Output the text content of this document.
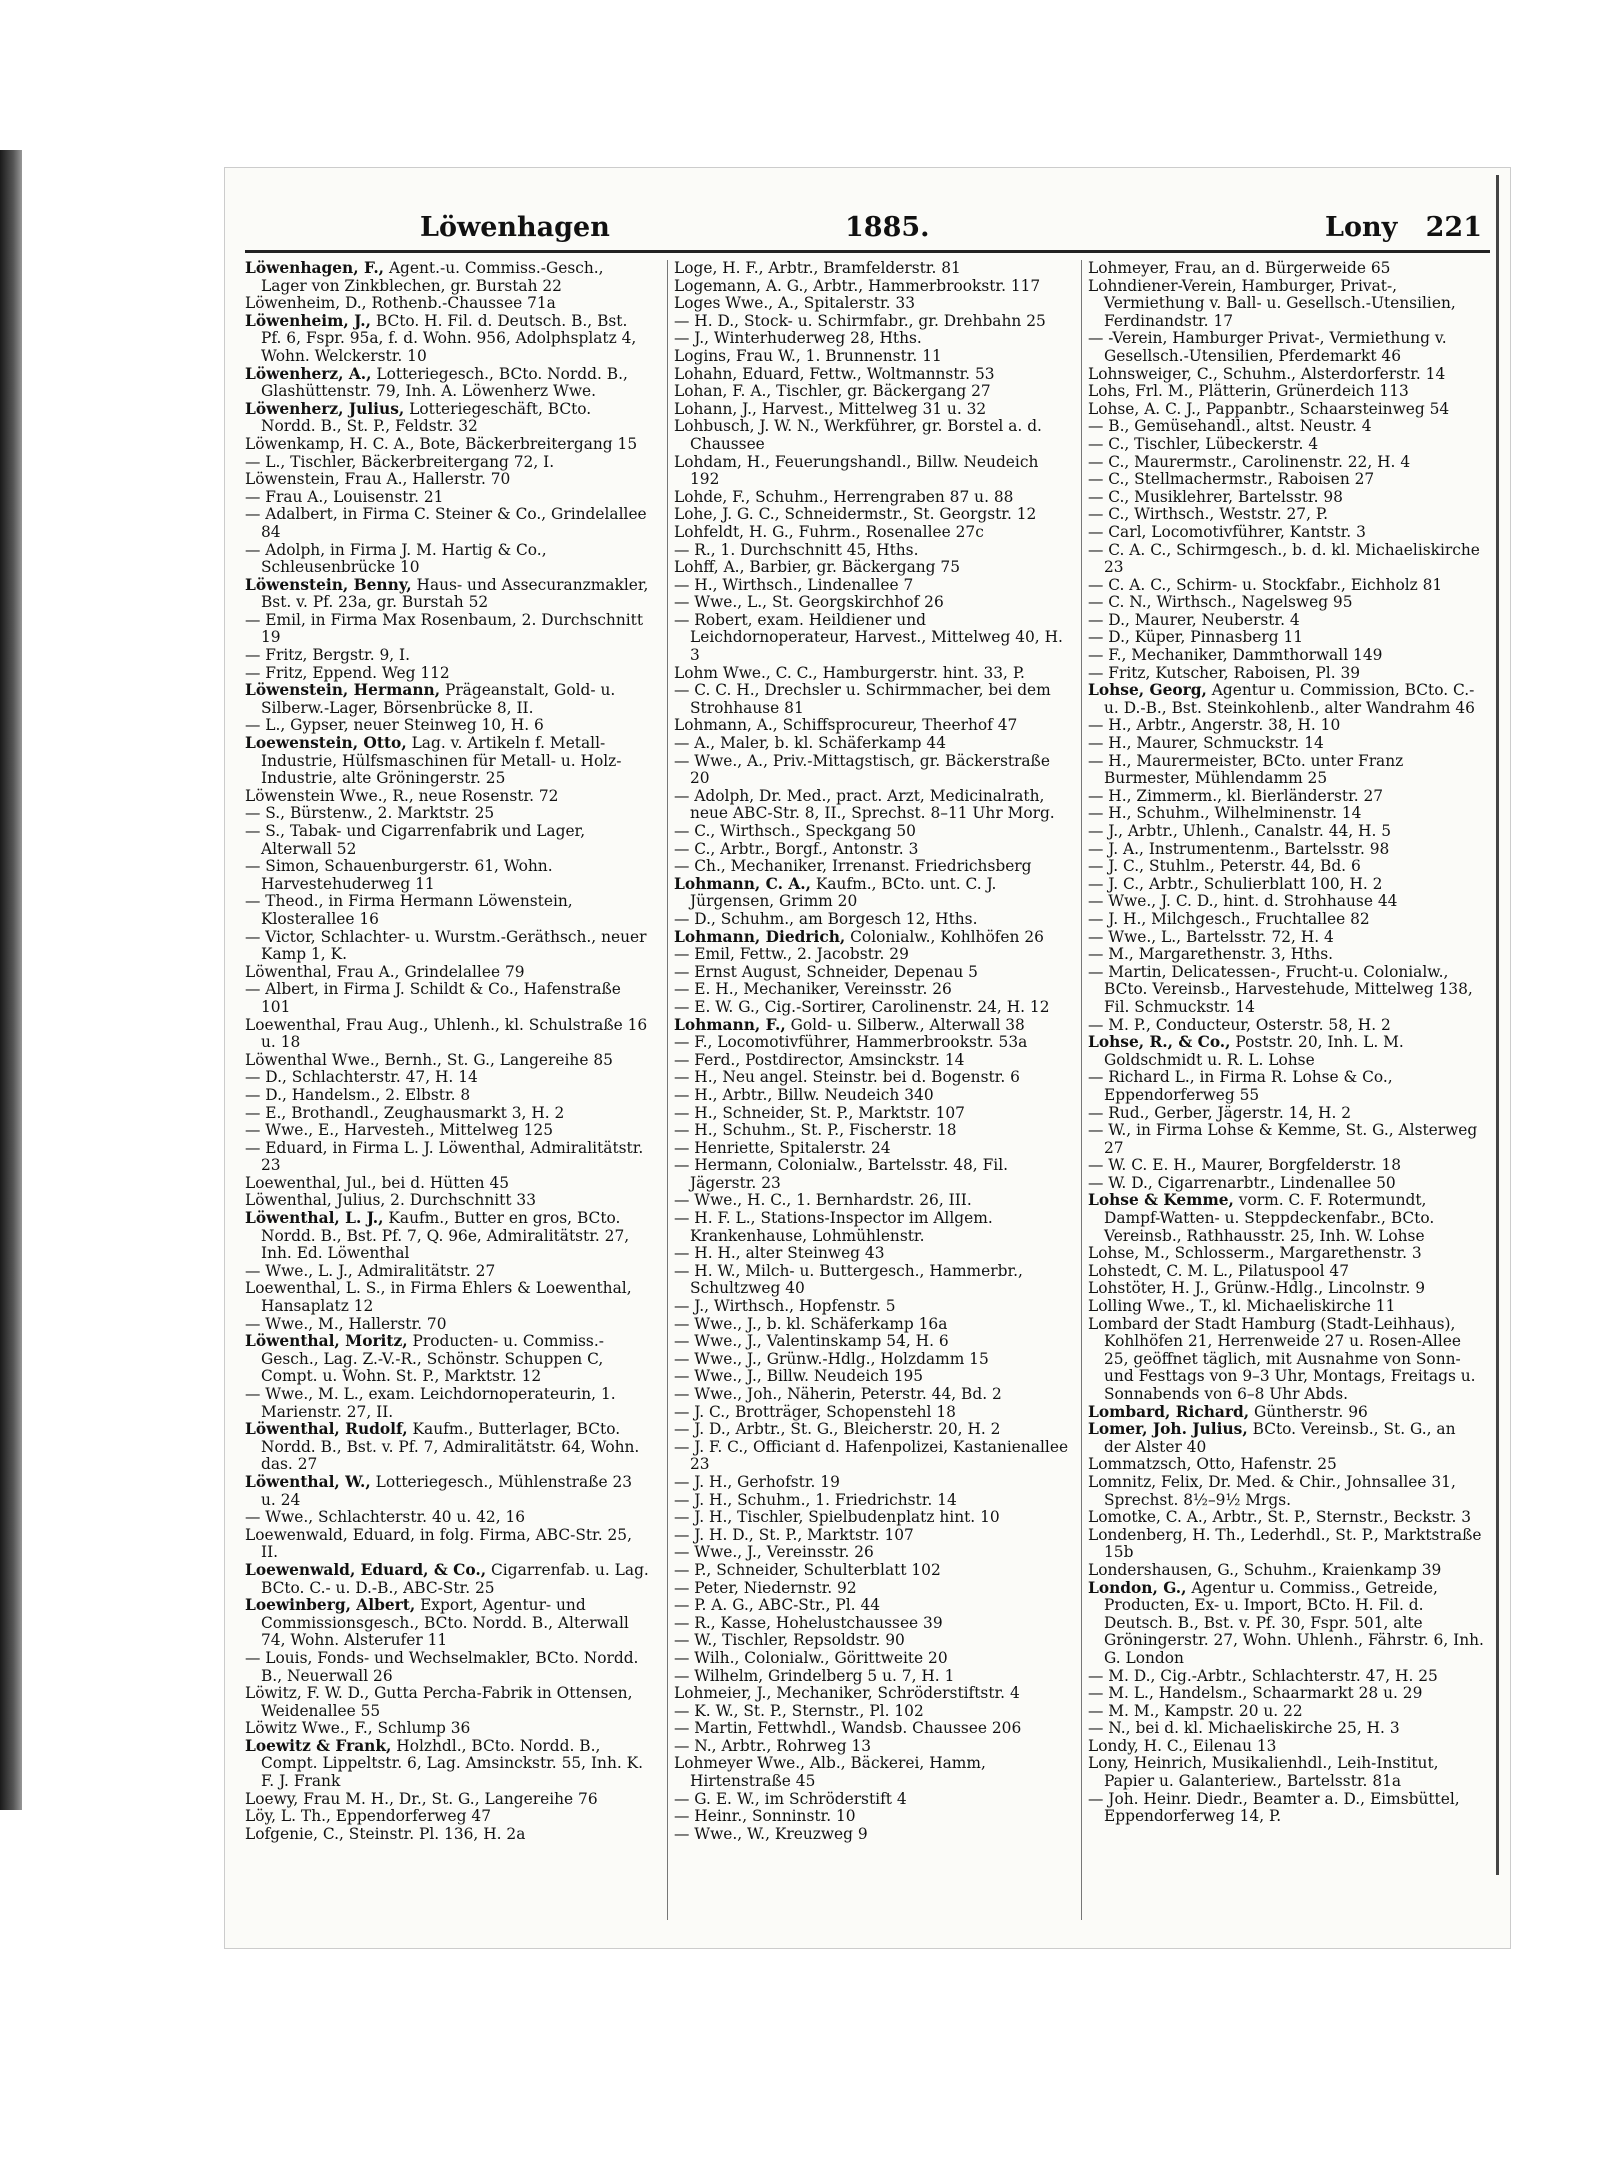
Löwenhagen	1885.	Lony 221

Löwenhagen, F., Agent.-u. Commiss.-Gesch., Lager von Zinkblechen, gr. Burstah 22

Löwenheim, D., Rothenb.-Chaussee 71a

Löwenheim, J., BCto. H. Fil. d. Deutsch. B., Bst. Pf. 6, Fspr. 95a, f. d. Wohn. 956, Adolphsplatz 4, Wohn. Welckerstr. 10

Löwenherz, A., Lotteriegesch., BCto. Nordd. B., Glashüttenstr. 79, Inh. A. Löwenherz Wwe.

Löwenherz, Julius, Lotteriegeschäft, BCto. Nordd. B., St. P., Feldstr. 32

Löwenkamp, H. C. A., Bote, Bäckerbreitergang 15

— L., Tischler, Bäckerbreitergang 72, I.

Löwenstein, Frau A., Hallerstr. 70

— Frau A., Louisenstr. 21

— Adalbert, in Firma C. Steiner & Co., Grindelallee 84

— Adolph, in Firma J. M. Hartig & Co., Schleusenbrücke 10

Löwenstein, Benny, Haus- und Assecuranzmakler, Bst. v. Pf. 23a, gr. Burstah 52

— Emil, in Firma Max Rosenbaum, 2. Durchschnitt 19

— Fritz, Bergstr. 9, I.

— Fritz, Eppend. Weg 112

Löwenstein, Hermann, Prägeanstalt, Gold- u. Silberw.-Lager, Börsenbrücke 8, II.

— L., Gypser, neuer Steinweg 10, H. 6

Loewenstein, Otto, Lag. v. Artikeln f. Metall-Industrie, Hülfsmaschinen für Metall- u. Holz-Industrie, alte Gröningerstr. 25

Löwenstein Wwe., R., neue Rosenstr. 72

— S., Bürstenw., 2. Marktstr. 25

— S., Tabak- und Cigarrenfabrik und Lager, Alterwall 52

— Simon, Schauenburgerstr. 61, Wohn. Harvestehuderweg 11

— Theod., in Firma Hermann Löwenstein, Klosterallee 16

— Victor, Schlachter- u. Wurstm.-Geräthsch., neuer Kamp 1, K.

Löwenthal, Frau A., Grindelallee 79

— Albert, in Firma J. Schildt & Co., Hafenstraße 101

Loewenthal, Frau Aug., Uhlenh., kl. Schulstraße 16 u. 18

Löwenthal Wwe., Bernh., St. G., Langereihe 85

— D., Schlachterstr. 47, H. 14

— D., Handelsm., 2. Elbstr. 8

— E., Brothandl., Zeughausmarkt 3, H. 2

— Wwe., E., Harvesteh., Mittelweg 125

— Eduard, in Firma L. J. Löwenthal, Admiralitätstr. 23

Loewenthal, Jul., bei d. Hütten 45

Löwenthal, Julius, 2. Durchschnitt 33

Löwenthal, L. J., Kaufm., Butter en gros, BCto. Nordd. B., Bst. Pf. 7, Q. 96e, Admiralitätstr. 27, Inh. Ed. Löwenthal

— Wwe., L. J., Admiralitätstr. 27

Loewenthal, L. S., in Firma Ehlers & Loewenthal, Hansaplatz 12

— Wwe., M., Hallerstr. 70

Löwenthal, Moritz, Producten- u. Commiss.-Gesch., Lag. Z.-V.-R., Schönstr. Schuppen C, Compt. u. Wohn. St. P., Marktstr. 12

— Wwe., M. L., exam. Leichdornoperateurin, 1. Marienstr. 27, II.

Löwenthal, Rudolf, Kaufm., Butterlager, BCto. Nordd. B., Bst. v. Pf. 7, Admiralitätstr. 64, Wohn. das. 27

Löwenthal, W., Lotteriegesch., Mühlenstraße 23 u. 24

— Wwe., Schlachterstr. 40 u. 42, 16

Loewenwald, Eduard, in folg. Firma, ABC-Str. 25, II.

Loewenwald, Eduard, & Co., Cigarrenfab. u. Lag. BCto. C.- u. D.-B., ABC-Str. 25

Loewinberg, Albert, Export, Agentur- und Commissionsgesch., BCto. Nordd. B., Alterwall 74, Wohn. Alsterufer 11

— Louis, Fonds- und Wechselmakler, BCto. Nordd. B., Neuerwall 26

Löwitz, F. W. D., Gutta Percha-Fabrik in Ottensen, Weidenallee 55

Löwitz Wwe., F., Schlump 36

Loewitz & Frank, Holzhdl., BCto. Nordd. B., Compt. Lippeltstr. 6, Lag. Amsinckstr. 55, Inh. K. F. J. Frank

Loewy, Frau M. H., Dr., St. G., Langereihe 76

Löy, L. Th., Eppendorferweg 47

Lofgenie, C., Steinstr. Pl. 136, H. 2a

Loge, H. F., Arbtr., Bramfelderstr. 81

Logemann, A. G., Arbtr., Hammerbrookstr. 117

Loges Wwe., A., Spitalerstr. 33

— H. D., Stock- u. Schirmfabr., gr. Drehbahn 25

— J., Winterhuderweg 28, Hths.

Logins, Frau W., 1. Brunnenstr. 11

Lohahn, Eduard, Fettw., Woltmannstr. 53

Lohan, F. A., Tischler, gr. Bäckergang 27

Lohann, J., Harvest., Mittelweg 31 u. 32

Lohbusch, J. W. N., Werkführer, gr. Borstel a. d. Chaussee

Lohdam, H., Feuerungshandl., Billw. Neudeich 192

Lohde, F., Schuhm., Herrengraben 87 u. 88

Lohe, J. G. C., Schneidermstr., St. Georgstr. 12

Lohfeldt, H. G., Fuhrm., Rosenallee 27c

— R., 1. Durchschnitt 45, Hths.

Lohff, A., Barbier, gr. Bäckergang 75

— H., Wirthsch., Lindenallee 7

— Wwe., L., St. Georgskirchhof 26

— Robert, exam. Heildiener und Leichdornoperateur, Harvest., Mittelweg 40, H. 3

Lohm Wwe., C. C., Hamburgerstr. hint. 33, P.

— C. C. H., Drechsler u. Schirmmacher, bei dem Strohhause 81

Lohmann, A., Schiffsprocureur, Theerhof 47

— A., Maler, b. kl. Schäferkamp 44

— Wwe., A., Priv.-Mittagstisch, gr. Bäckerstraße 20

— Adolph, Dr. Med., pract. Arzt, Medicinalrath, neue ABC-Str. 8, II., Sprechst. 8–11 Uhr Morg.

— C., Wirthsch., Speckgang 50

— C., Arbtr., Borgf., Antonstr. 3

— Ch., Mechaniker, Irrenanst. Friedrichsberg

Lohmann, C. A., Kaufm., BCto. unt. C. J. Jürgensen, Grimm 20

— D., Schuhm., am Borgesch 12, Hths.

Lohmann, Diedrich, Colonialw., Kohlhöfen 26

— Emil, Fettw., 2. Jacobstr. 29

— Ernst August, Schneider, Depenau 5

— E. H., Mechaniker, Vereinsstr. 26

— E. W. G., Cig.-Sortirer, Carolinenstr. 24, H. 12

Lohmann, F., Gold- u. Silberw., Alterwall 38

— F., Locomotivführer, Hammerbrookstr. 53a

— Ferd., Postdirector, Amsinckstr. 14

— H., Neu angel. Steinstr. bei d. Bogenstr. 6

— H., Arbtr., Billw. Neudeich 340

— H., Schneider, St. P., Marktstr. 107

— H., Schuhm., St. P., Fischerstr. 18

— Henriette, Spitalerstr. 24

— Hermann, Colonialw., Bartelsstr. 48, Fil. Jägerstr. 23

— Wwe., H. C., 1. Bernhardstr. 26, III.

— H. F. L., Stations-Inspector im Allgem. Krankenhause, Lohmühlenstr.

— H. H., alter Steinweg 43

— H. W., Milch- u. Buttergesch., Hammerbr., Schultzweg 40

— J., Wirthsch., Hopfenstr. 5

— Wwe., J., b. kl. Schäferkamp 16a

— Wwe., J., Valentinskamp 54, H. 6

— Wwe., J., Grünw.-Hdlg., Holzdamm 15

— Wwe., J., Billw. Neudeich 195

— Wwe., Joh., Näherin, Peterstr. 44, Bd. 2

— J. C., Brotträger, Schopenstehl 18

— J. D., Arbtr., St. G., Bleicherstr. 20, H. 2

— J. F. C., Officiant d. Hafenpolizei, Kastanienallee 23

— J. H., Gerhofstr. 19

— J. H., Schuhm., 1. Friedrichstr. 14

— J. H., Tischler, Spielbudenplatz hint. 10

— J. H. D., St. P., Marktstr. 107

— Wwe., J., Vereinsstr. 26

— P., Schneider, Schulterblatt 102

— Peter, Niedernstr. 92

— P. A. G., ABC-Str., Pl. 44

— R., Kasse, Hohelustchaussee 39

— W., Tischler, Repsoldstr. 90

— Wilh., Colonialw., Görittweite 20

— Wilhelm, Grindelberg 5 u. 7, H. 1

Lohmeier, J., Mechaniker, Schröderstiftstr. 4

— K. W., St. P., Sternstr., Pl. 102

— Martin, Fettwhdl., Wandsb. Chaussee 206

— N., Arbtr., Rohrweg 13

Lohmeyer Wwe., Alb., Bäckerei, Hamm, Hirtenstraße 45

— G. E. W., im Schröderstift 4

— Heinr., Sonninstr. 10

— Wwe., W., Kreuzweg 9

Lohmeyer, Frau, an d. Bürgerweide 65

Lohndiener-Verein, Hamburger, Privat-, Vermiethung v. Ball- u. Gesellsch.-Utensilien, Ferdinandstr. 17

— -Verein, Hamburger Privat-, Vermiethung v. Gesellsch.-Utensilien, Pferdemarkt 46

Lohnsweiger, C., Schuhm., Alsterdorferstr. 14

Lohs, Frl. M., Plätterin, Grünerdeich 113

Lohse, A. C. J., Pappanbtr., Schaarsteinweg 54

— B., Gemüsehandl., altst. Neustr. 4

— C., Tischler, Lübeckerstr. 4

— C., Maurermstr., Carolinenstr. 22, H. 4

— C., Stellmachermstr., Raboisen 27

— C., Musiklehrer, Bartelsstr. 98

— C., Wirthsch., Weststr. 27, P.

— Carl, Locomotivführer, Kantstr. 3

— C. A. C., Schirmgesch., b. d. kl. Michaeliskirche 23

— C. A. C., Schirm- u. Stockfabr., Eichholz 81

— C. N., Wirthsch., Nagelsweg 95

— D., Maurer, Neuberstr. 4

— D., Küper, Pinnasberg 11

— F., Mechaniker, Dammthorwall 149

— Fritz, Kutscher, Raboisen, Pl. 39

Lohse, Georg, Agentur u. Commission, BCto. C.- u. D.-B., Bst. Steinkohlenb., alter Wandrahm 46

— H., Arbtr., Angerstr. 38, H. 10

— H., Maurer, Schmuckstr. 14

— H., Maurermeister, BCto. unter Franz Burmester, Mühlendamm 25

— H., Zimmerm., kl. Bierländerstr. 27

— H., Schuhm., Wilhelminenstr. 14

— J., Arbtr., Uhlenh., Canalstr. 44, H. 5

— J. A., Instrumentenm., Bartelsstr. 98

— J. C., Stuhlm., Peterstr. 44, Bd. 6

— J. C., Arbtr., Schulierblatt 100, H. 2

— Wwe., J. C. D., hint. d. Strohhause 44

— J. H., Milchgesch., Fruchtallee 82

— Wwe., L., Bartelsstr. 72, H. 4

— M., Margarethenstr. 3, Hths.

— Martin, Delicatessen-, Frucht-u. Colonialw., BCto. Vereinsb., Harvestehude, Mittelweg 138, Fil. Schmuckstr. 14

— M. P., Conducteur, Osterstr. 58, H. 2

Lohse, R., & Co., Poststr. 20, Inh. L. M. Goldschmidt u. R. L. Lohse

— Richard L., in Firma R. Lohse & Co., Eppendorferweg 55

— Rud., Gerber, Jägerstr. 14, H. 2

— W., in Firma Lohse & Kemme, St. G., Alsterweg 27

— W. C. E. H., Maurer, Borgfelderstr. 18

— W. D., Cigarrenarbtr., Lindenallee 50

Lohse & Kemme, vorm. C. F. Rotermundt, Dampf-Watten- u. Steppdeckenfabr., BCto. Vereinsb., Rathhausstr. 25, Inh. W. Lohse

Lohse, M., Schlosserm., Margarethenstr. 3

Lohstedt, C. M. L., Pilatuspool 47

Lohstöter, H. J., Grünw.-Hdlg., Lincolnstr. 9

Lolling Wwe., T., kl. Michaeliskirche 11

Lombard der Stadt Hamburg (Stadt-Leihhaus), Kohlhöfen 21, Herrenweide 27 u. Rosen-Allee 25, geöffnet täglich, mit Ausnahme von Sonn- und Festtags von 9–3 Uhr, Montags, Freitags u. Sonnabends von 6–8 Uhr Abds.

Lombard, Richard, Güntherstr. 96

Lomer, Joh. Julius, BCto. Vereinsb., St. G., an der Alster 40

Lommatzsch, Otto, Hafenstr. 25

Lomnitz, Felix, Dr. Med. & Chir., Johnsallee 31, Sprechst. 8½–9½ Mrgs.

Lomotke, C. A., Arbtr., St. P., Sternstr., Beckstr. 3

Londenberg, H. Th., Lederhdl., St. P., Marktstraße 15b

Londershausen, G., Schuhm., Kraienkamp 39

London, G., Agentur u. Commiss., Getreide, Producten, Ex- u. Import, BCto. H. Fil. d. Deutsch. B., Bst. v. Pf. 30, Fspr. 501, alte Gröningerstr. 27, Wohn. Uhlenh., Fährstr. 6, Inh. G. London

— M. D., Cig.-Arbtr., Schlachterstr. 47, H. 25

— M. L., Handelsm., Schaarmarkt 28 u. 29

— M. M., Kampstr. 20 u. 22

— N., bei d. kl. Michaeliskirche 25, H. 3

Londy, H. C., Eilenau 13

Lony, Heinrich, Musikalienhdl., Leih-Institut, Papier u. Galanteriew., Bartelsstr. 81a

— Joh. Heinr. Diedr., Beamter a. D., Eimsbüttel, Eppendorferweg 14, P.
